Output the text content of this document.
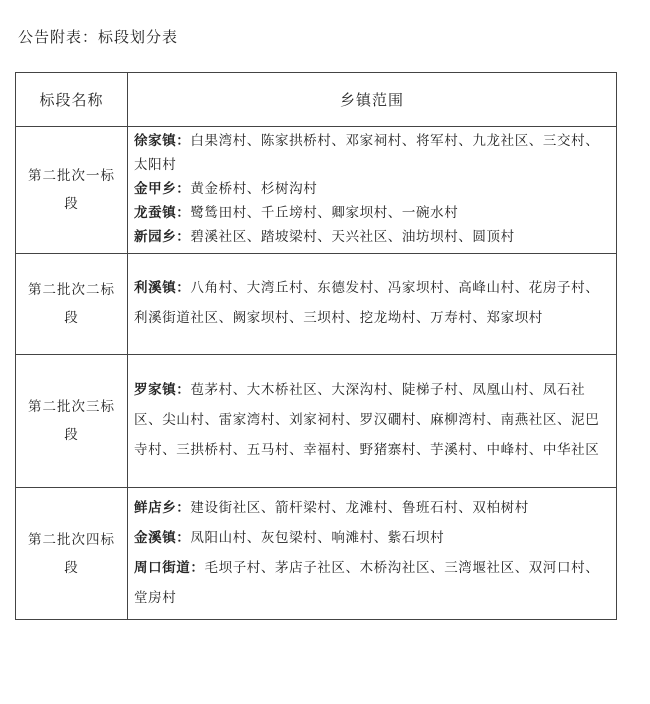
公告附表：标段划分表
标段名称	乡镇范围
第二批次一标段	徐家镇：白果湾村、陈家拱桥村、邓家祠村、将军村、九龙社区、三交村、太阳村
金甲乡：黄金桥村、杉树沟村
龙蚕镇：鹭鸶田村、千丘塝村、卿家坝村、一碗水村
新园乡：碧溪社区、踏坡梁村、天兴社区、油坊坝村、圆顶村

第二批次二标段	利溪镇：八角村、大湾丘村、东德发村、冯家坝村、高峰山村、花房子村、利溪街道社区、阙家坝村、三坝村、挖龙坳村、万寿村、郑家坝村

第二批次三标段	罗家镇：苞茅村、大木桥社区、大深沟村、陡梯子村、凤凰山村、凤石社区、尖山村、雷家湾村、刘家祠村、罗汉礀村、麻柳湾村、南燕社区、泥巴寺村、三拱桥村、五马村、幸福村、野猪寨村、芋溪村、中峰村、中华社区

第二批次四标段	鲜店乡：建设街社区、箭杆梁村、龙滩村、鲁班石村、双柏树村
金溪镇：凤阳山村、灰包梁村、响滩村、紫石坝村
周口街道：毛坝子村、茅店子社区、木桥沟社区、三湾堰社区、双河口村、堂房村
